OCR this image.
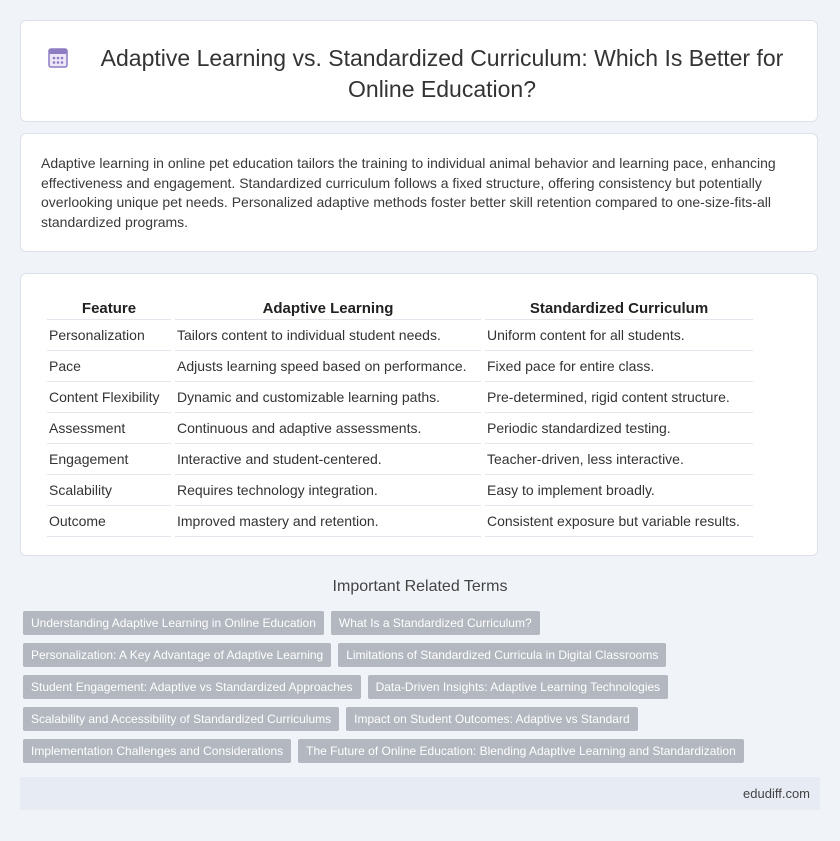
Adaptive Learning vs. Standardized Curriculum: Which Is Better for Online Education?
Adaptive learning in online pet education tailors the training to individual animal behavior and learning pace, enhancing effectiveness and engagement. Standardized curriculum follows a fixed structure, offering consistency but potentially overlooking unique pet needs. Personalized adaptive methods foster better skill retention compared to one-size-fits-all standardized programs.
Feature	Adaptive Learning	Standardized Curriculum
Personalization	Tailors content to individual student needs.	Uniform content for all students.
Pace	Adjusts learning speed based on performance.	Fixed pace for entire class.
Content Flexibility	Dynamic and customizable learning paths.	Pre-determined, rigid content structure.
Assessment	Continuous and adaptive assessments.	Periodic standardized testing.
Engagement	Interactive and student-centered.	Teacher-driven, less interactive.
Scalability	Requires technology integration.	Easy to implement broadly.
Outcome	Improved mastery and retention.	Consistent exposure but variable results.
Important Related Terms
Understanding Adaptive Learning in Online Education	What Is a Standardized Curriculum?
Personalization: A Key Advantage of Adaptive Learning	Limitations of Standardized Curricula in Digital Classrooms
Student Engagement: Adaptive vs Standardized Approaches	Data-Driven Insights: Adaptive Learning Technologies
Scalability and Accessibility of Standardized Curriculums	Impact on Student Outcomes: Adaptive vs Standard
Implementation Challenges and Considerations	The Future of Online Education: Blending Adaptive Learning and Standardization
edudiff.com
